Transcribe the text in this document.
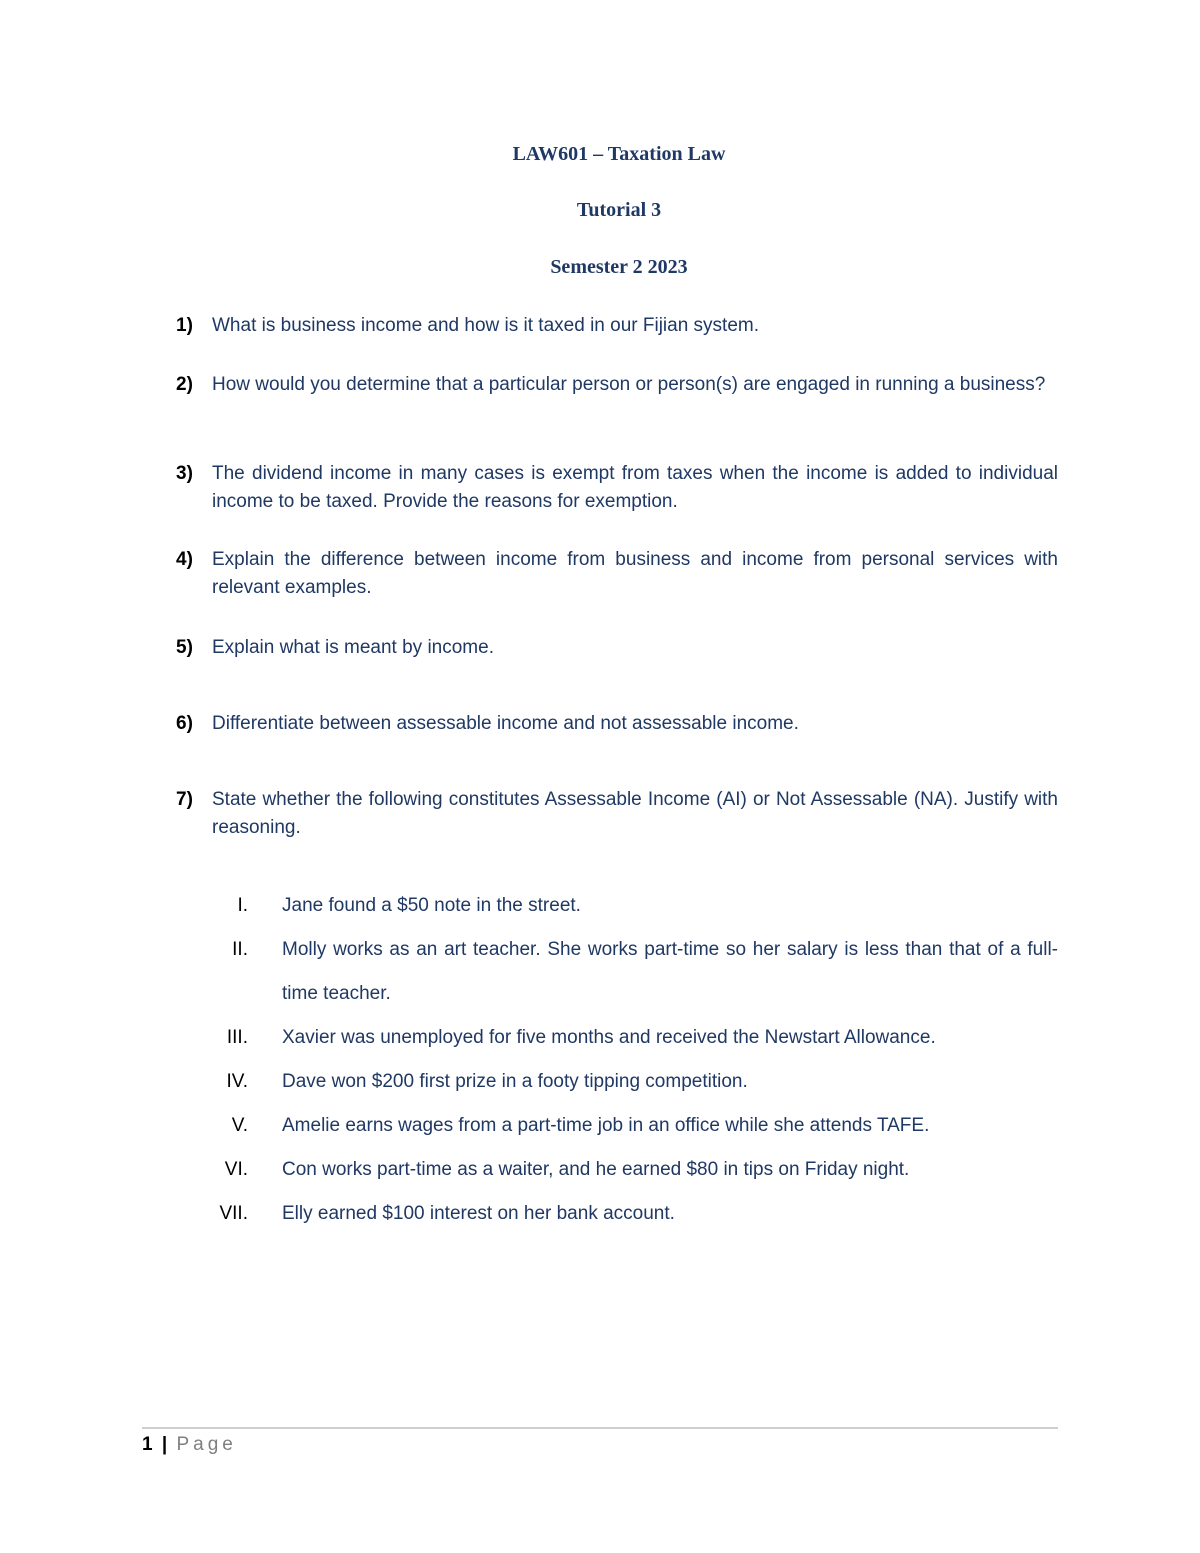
LAW601 – Taxation Law
Tutorial 3
Semester 2 2023
1) What is business income and how is it taxed in our Fijian system.
2) How would you determine that a particular person or person(s) are engaged in running a business?
3) The dividend income in many cases is exempt from taxes when the income is added to individual income to be taxed. Provide the reasons for exemption.
4) Explain the difference between income from business and income from personal services with relevant examples.
5) Explain what is meant by income.
6) Differentiate between assessable income and not assessable income.
7) State whether the following constitutes Assessable Income (AI) or Not Assessable (NA). Justify with reasoning.
I. Jane found a $50 note in the street.
II. Molly works as an art teacher. She works part-time so her salary is less than that of a full- time teacher.
III. Xavier was unemployed for five months and received the Newstart Allowance.
IV. Dave won $200 first prize in a footy tipping competition.
V. Amelie earns wages from a part-time job in an office while she attends TAFE.
VI. Con works part-time as a waiter, and he earned $80 in tips on Friday night.
VII. Elly earned $100 interest on her bank account.
1 | Page
